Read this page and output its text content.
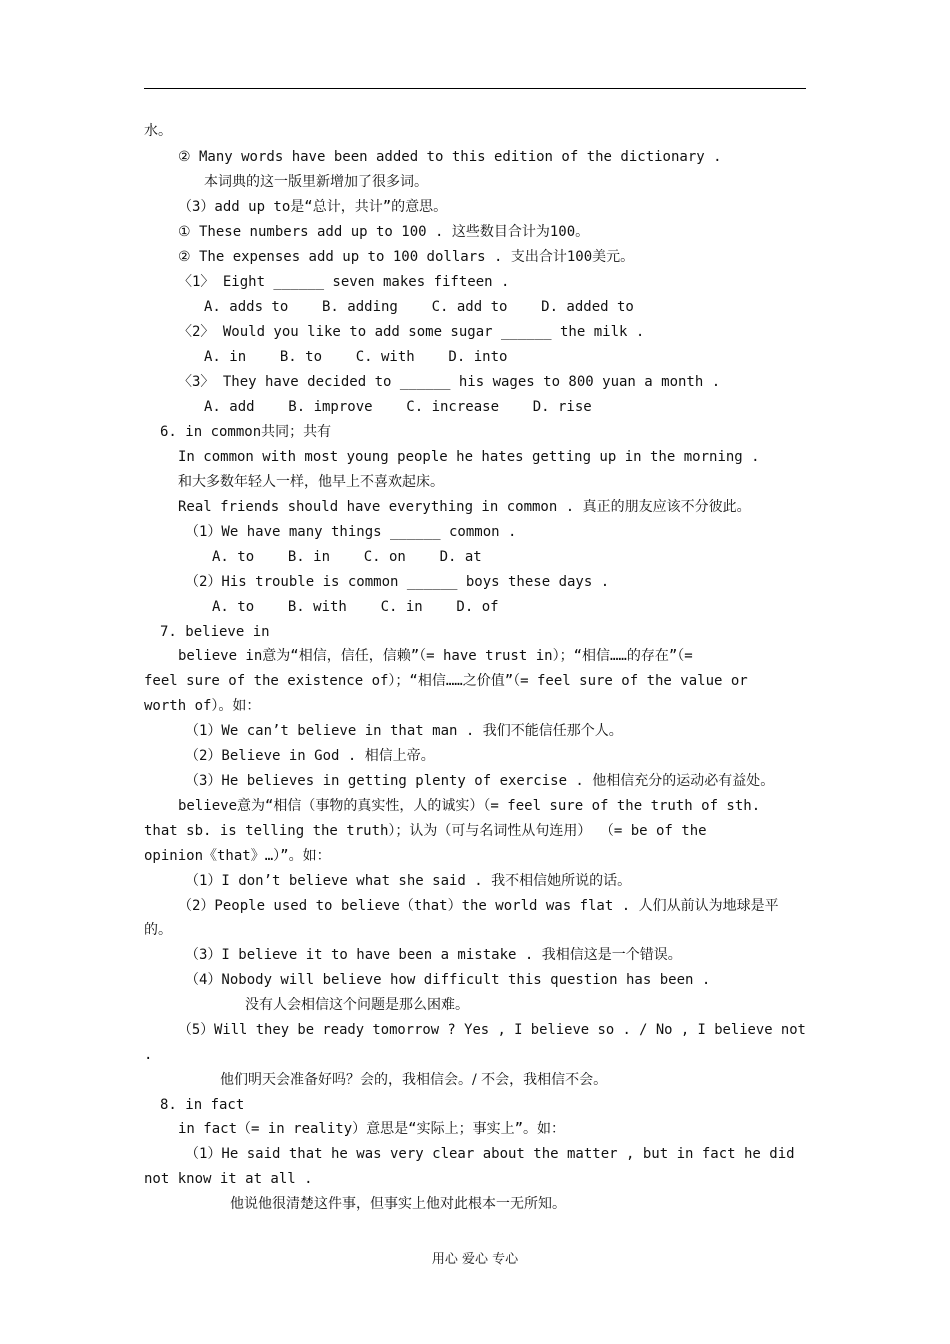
水。
② Many words have been added to this edition of the dictionary .
本词典的这一版里新增加了很多词。
（3）add up to是“总计，共计”的意思。
① These numbers add up to 100 . 这些数目合计为100。
② The expenses add up to 100 dollars . 支出合计100美元。
〈1〉 Eight ______ seven makes fifteen .
A. adds to    B. adding    C. add to    D. added to
〈2〉 Would you like to add some sugar ______ the milk .
A. in    B. to    C. with    D. into
〈3〉 They have decided to ______ his wages to 800 yuan a month .
A. add    B. improve    C. increase    D. rise
6. in common共同；共有
In common with most young people he hates getting up in the morning .
和大多数年轻人一样，他早上不喜欢起床。
Real friends should have everything in common . 真正的朋友应该不分彼此。
（1）We have many things ______ common .
A. to    B. in    C. on    D. at
（2）His trouble is common ______ boys these days .
A. to    B. with    C. in    D. of
7. believe in
believe in意为“相信，信任，信赖”（= have trust in）；“相信……的存在”（=
feel sure of the existence of）；“相信……之价值”（= feel sure of the value or
worth of）。如：
（1）We can’t believe in that man . 我们不能信任那个人。
（2）Believe in God . 相信上帝。
（3）He believes in getting plenty of exercise . 他相信充分的运动必有益处。
believe意为“相信（事物的真实性，人的诚实）（= feel sure of the truth of sth.
that sb. is telling the truth）；认为（可与名词性从句连用） （= be of the
opinion《that》…）”。如：
（1）I don’t believe what she said . 我不相信她所说的话。
（2）People used to believe（that）the world was flat . 人们从前认为地球是平
的。
（3）I believe it to have been a mistake . 我相信这是一个错误。
（4）Nobody will believe how difficult this question has been .
没有人会相信这个问题是那么困难。
（5）Will they be ready tomorrow ? Yes , I believe so . / No , I believe not
.
他们明天会准备好吗？会的，我相信会。/ 不会，我相信不会。
8. in fact
in fact（= in reality）意思是“实际上；事实上”。如：
（1）He said that he was very clear about the matter , but in fact he did
not know it at all .
他说他很清楚这件事，但事实上他对此根本一无所知。
用心 爱心 专心
